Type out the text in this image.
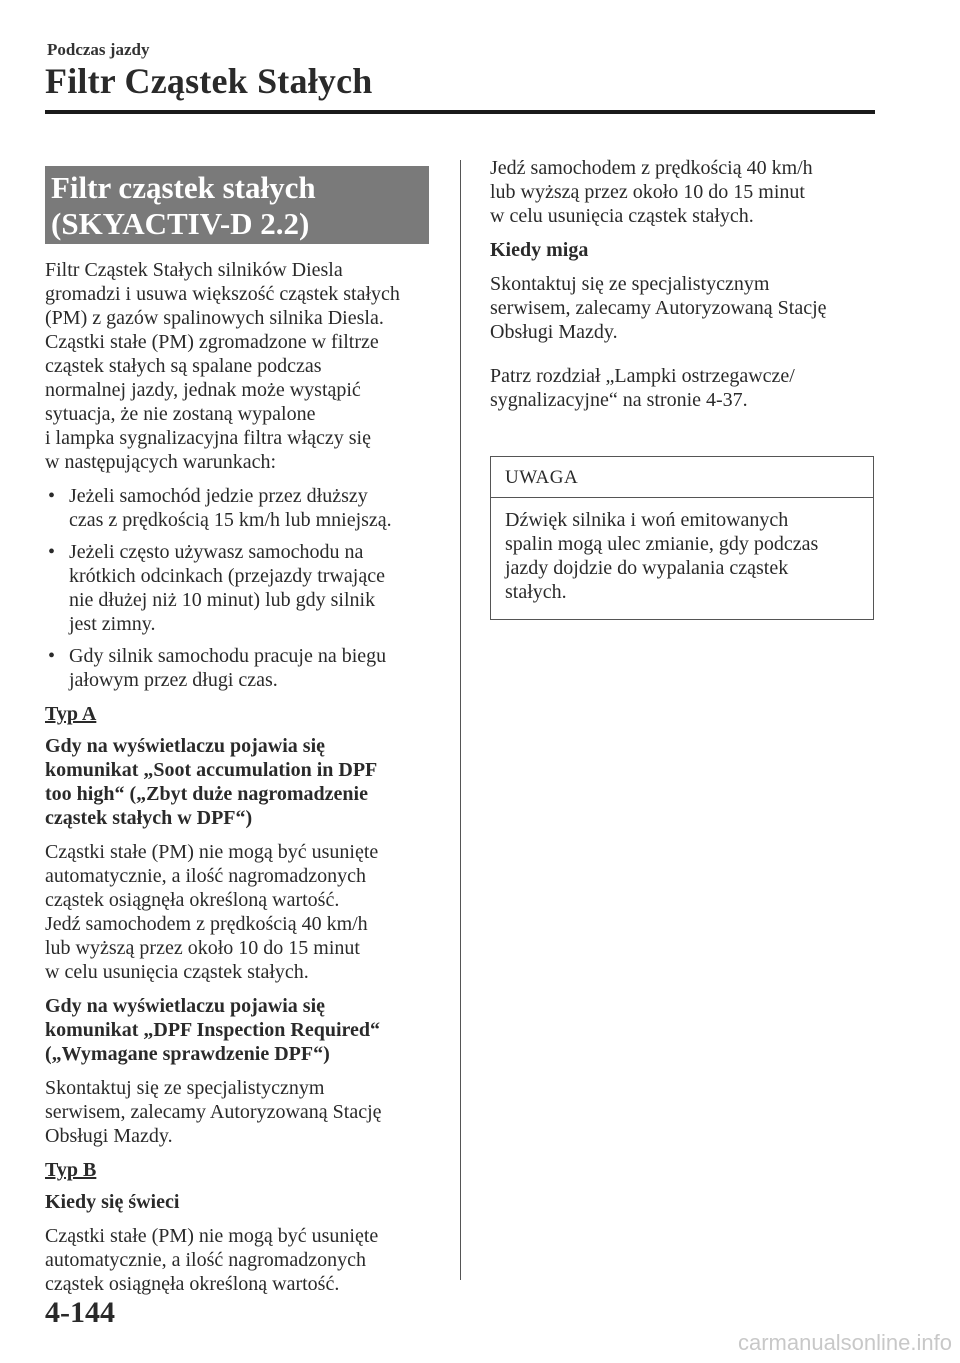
Podczas jazdy
Filtr Cząstek Stałych
Filtr cząstek stałych
(SKYACTIV-D 2.2)

Filtr Cząstek Stałych silników Diesla
gromadzi i usuwa większość cząstek stałych
(PM) z gazów spalinowych silnika Diesla.
Cząstki stałe (PM) zgromadzone w filtrze
cząstek stałych są spalane podczas
normalnej jazdy, jednak może wystąpić
sytuacja, że nie zostaną wypalone
i lampka sygnalizacyjna filtra włączy się
w następujących warunkach:

• Jeżeli samochód jedzie przez dłuższy
czas z prędkością 15 km/h lub mniejszą.
• Jeżeli często używasz samochodu na
krótkich odcinkach (przejazdy trwające
nie dłużej niż 10 minut) lub gdy silnik
jest zimny.
• Gdy silnik samochodu pracuje na biegu
jałowym przez długi czas.

Typ A

Gdy na wyświetlaczu pojawia się
komunikat „Soot accumulation in DPF
too high“ („Zbyt duże nagromadzenie
cząstek stałych w DPF“)

Cząstki stałe (PM) nie mogą być usunięte
automatycznie, a ilość nagromadzonych
cząstek osiągnęła określoną wartość.
Jedź samochodem z prędkością 40 km/h
lub wyższą przez około 10 do 15 minut
w celu usunięcia cząstek stałych.

Gdy na wyświetlaczu pojawia się
komunikat „DPF Inspection Required“
(„Wymagane sprawdzenie DPF“)

Skontaktuj się ze specjalistycznym
serwisem, zalecamy Autoryzowaną Stację
Obsługi Mazdy.

Typ B

Kiedy się świeci

Cząstki stałe (PM) nie mogą być usunięte
automatycznie, a ilość nagromadzonych
cząstek osiągnęła określoną wartość.

Jedź samochodem z prędkością 40 km/h
lub wyższą przez około 10 do 15 minut
w celu usunięcia cząstek stałych.

Kiedy miga

Skontaktuj się ze specjalistycznym
serwisem, zalecamy Autoryzowaną Stację
Obsługi Mazdy.

Patrz rozdział „Lampki ostrzegawcze/
sygnalizacyjne“ na stronie 4-37.

UWAGA
Dźwięk silnika i woń emitowanych
spalin mogą ulec zmianie, gdy podczas
jazdy dojdzie do wypalania cząstek
stałych.
4-144
carmanualsonline.info
